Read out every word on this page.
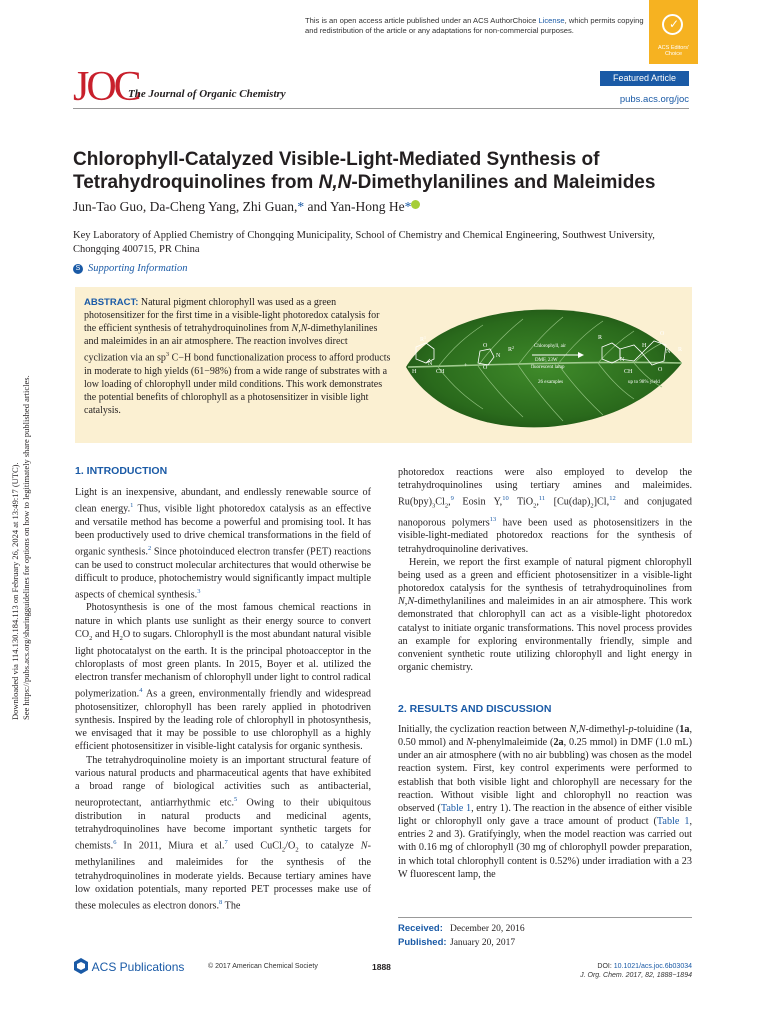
This is an open access article published under an ACS AuthorChoice License, which permits copying and redistribution of the article or any adaptations for non-commercial purposes.	✓
ACS Editors' Choice
JOC
The Journal of Organic Chemistry
Featured Article
pubs.acs.org/joc
Chlorophyll-Catalyzed Visible-Light-Mediated Synthesis of
Tetrahydroquinolines from N,N-Dimethylanilines and Maleimides
Jun-Tao Guo, Da-Cheng Yang, Zhi Guan,* and Yan-Hong He*
Key Laboratory of Applied Chemistry of Chongqing Municipality, School of Chemistry and Chemical Engineering, Southwest University, Chongqing 400715, PR China
S Supporting Information
ABSTRACT: Natural pigment chlorophyll was used as a green photosensitizer for the first time in a visible-light photoredox catalysis for the efficient synthesis of tetrahydroquinolines from N,N-dimethylanilines and maleimides in an air atmosphere. The reaction involves direct cyclization via an $sp^3$ C−H bond functionalization process to afford products in moderate to high yields (61−98%) from a wide range of substrates with a low loading of chlorophyll under mild conditions. This work demonstrates the potential benefits of chlorophyll as a photosensitizer in visible light catalysis.
$R^1$
+
N
H	CH
O
O
N
$R^2$	Chlorophyll, air
DMF, 23W
fluorescent lamp
26 examples	up to 98% yield
R
O
N
O
N
CH
H
R
Downloaded via 114.130.184.113 on February 26, 2024 at 13:49:17 (UTC). See https://pubs.acs.org/sharingguidelines for options on how to legitimately share published articles.	1. INTRODUCTION

Light is an inexpensive, abundant, and endlessly renewable source of clean energy.$^1$ Thus, visible light photoredox catalysis as an effective and versatile method has become a powerful and promising tool. It has been productively used to drive chemical transformations in the field of organic synthesis.$^2$ Since photoinduced electron transfer (PET) reactions can be used to construct molecular architectures that would otherwise be difficult to produce, photochemistry would significantly impact multiple aspects of chemical synthesis.$^3$

Photosynthesis is one of the most famous chemical reactions in nature in which plants use sunlight as their energy source to convert $CO_2$ and $H_2O$ to sugars. Chlorophyll is the most abundant natural visible light photocatalyst on the earth. It is the principal photoacceptor in the chloroplasts of most green plants. In 2015, Boyer et al. utilized the electron transfer mechanism of chlorophyll under light to control radical polymerization.$^4$ As a green, environmentally friendly and widespread photosensitizer, chlorophyll has been rarely applied in photodriven synthesis. Inspired by the leading role of chlorophyll in photosynthesis, we envisaged that it may be possible to use chlorophyll as a highly efficient photosensitizer in visible-light catalysis for organic synthesis.

The tetrahydroquinoline moiety is an important structural feature of various natural products and pharmaceutical agents that have exhibited a broad range of biological activities such as antibacterial, neuroprotectant, antiarrhythmic etc.$^5$ Owing to their ubiquitous distribution in natural products and medicinal agents, tetrahydroquinolines have become important synthetic targets for chemists.$^6$ In 2011, Miura et al.$^7$ used $CuCl_2/O_2$ to catalyze N-methylanilines and maleimides for the synthesis of the tetrahydroquinolines in moderate yields. Because tertiary amines have low oxidation potentials, many reported PET processes make use of these molecules as electron donors.$^8$ The

photoredox reactions were also employed to develop the tetrahydroquinolines using tertiary amines and maleimides. $Ru(bpy)_3Cl_2,^9$ Eosin Y,$^{10}$ TiO$_2$,$^{11}$ $[Cu(dap)_2]Cl,^{12}$ and conjugated nanoporous polymers$^{13}$ have been used as photosensitizers in the visible-light-mediated photoredox reactions for the synthesis of tetrahydroquinoline derivatives.

Herein, we report the first example of natural pigment chlorophyll being used as a green and efficient photosensitizer in a visible-light photoredox catalysis for the synthesis of tetrahydroquinolines from N,N-dimethylanilines and maleimides in an air atmosphere. This work demonstrated that chlorophyll can act as a visible-light photoredox catalyst to initiate organic transformations. This novel process provides an example for exploring environmentally friendly, simple and convenient synthetic route utilizing chlorophyll and light energy in organic chemistry.

2. RESULTS AND DISCUSSION

Initially, the cyclization reaction between N,N-dimethyl-p-toluidine (1a, 0.50 mmol) and N-phenylmaleimide (2a, 0.25 mmol) in DMF (1.0 mL) under an air atmosphere (with no air bubbling) was chosen as the model reaction system. First, key control experiments were performed to establish that both visible light and chlorophyll are necessary for the reaction. Without visible light and chlorophyll no reaction was observed (Table 1, entry 1). The reaction in the absence of either visible light or chlorophyll only gave a trace amount of product (Table 1, entries 2 and 3). Gratifyingly, when the model reaction was carried out with 0.16 mg of chlorophyll (30 mg of chlorophyll powder preparation, in which total chlorophyll content is 0.52%) under irradiation with a 23 W fluorescent lamp, the

Received: December 20, 2016
Published: January 20, 2017
ACS Publications	© 2017 American Chemical Society	1888	DOI: 10.1021/acs.joc.6b03034
J. Org. Chem. 2017, 82, 1888−1894
